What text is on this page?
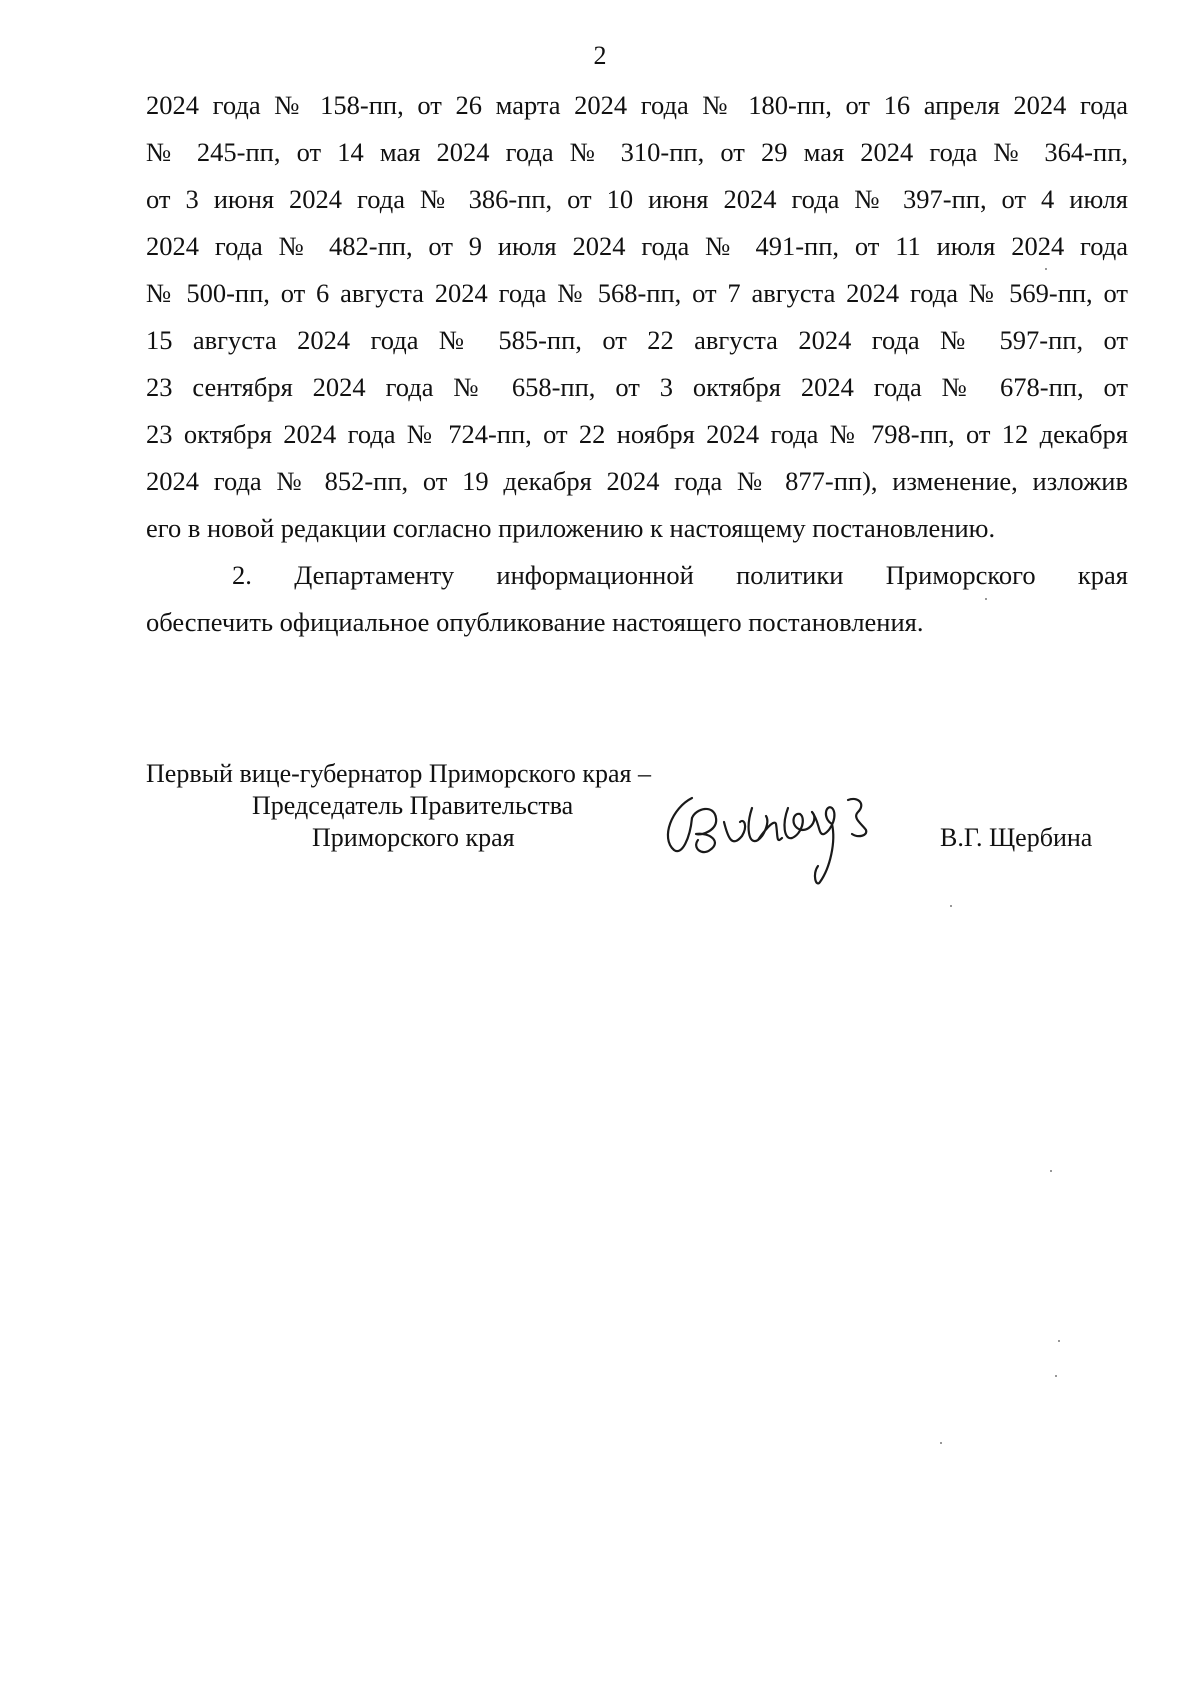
2

2024 года № 158-пп, от 26 марта 2024 года № 180-пп, от 16 апреля 2024 года
№ 245-пп, от 14 мая 2024 года № 310-пп, от 29 мая 2024 года № 364-пп,
от 3 июня 2024 года № 386-пп, от 10 июня 2024 года № 397-пп, от 4 июля
2024 года № 482-пп, от 9 июля 2024 года № 491-пп, от 11 июля 2024 года
№ 500-пп, от 6 августа 2024 года № 568-пп, от 7 августа 2024 года № 569-пп, от
15 августа 2024 года № 585-пп, от 22 августа 2024 года № 597-пп, от
23 сентября 2024 года № 658-пп, от 3 октября 2024 года № 678-пп, от
23 октября 2024 года № 724-пп, от 22 ноября 2024 года № 798-пп, от 12 декабря
2024 года № 852-пп, от 19 декабря 2024 года № 877-пп), изменение, изложив
его в новой редакции согласно приложению к настоящему постановлению.

2. Департаменту информационной политики Приморского края
обеспечить официальное опубликование настоящего постановления.

Первый вице-губернатор Приморского края –
Председатель Правительства
Приморского края	В.Г. Щербина
